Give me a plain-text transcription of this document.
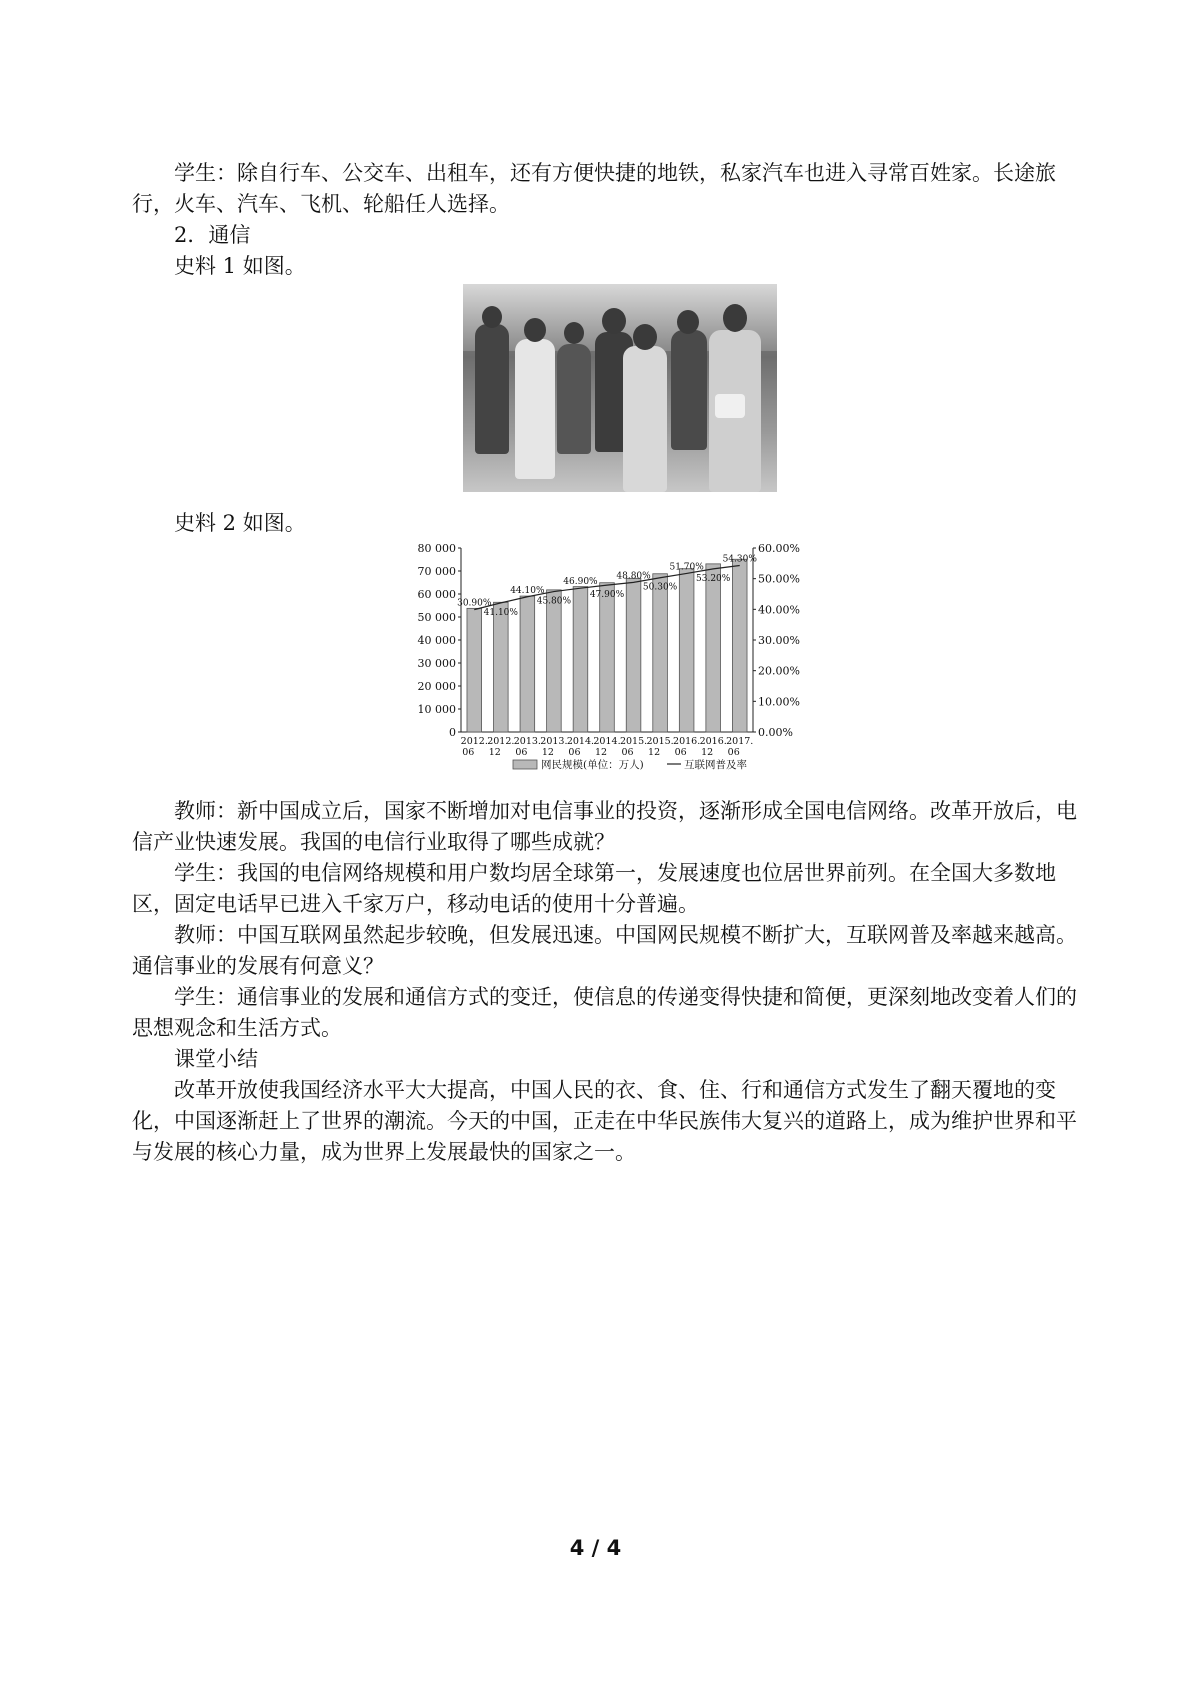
学生：除自行车、公交车、出租车，还有方便快捷的地铁，私家汽车也进入寻常百姓家。长途旅行，火车、汽车、飞机、轮船任人选择。

2．通信

史料 1 如图。

史料 2 如图。

0
10 000
20 000
30 000
40 000
50 000
60 000
70 000
80 000
0.00%
10.00%
20.00%
30.00%
40.00%
50.00%
60.00%
30.90%
41.10%
44.10%
45.80%
46.90%
47.90%
48.80%
50.30%
51.70%
53.20%
54.30%
2012.
06
2012.
12
2013.
06
2013.
12
2014.
06
2014.
12
2015.
06
2015.
12
2016.
06
2016.
12
2017.
06
网民规模(单位：万人)	互联网普及率

教师：新中国成立后，国家不断增加对电信事业的投资，逐渐形成全国电信网络。改革开放后，电信产业快速发展。我国的电信行业取得了哪些成就？

学生：我国的电信网络规模和用户数均居全球第一，发展速度也位居世界前列。在全国大多数地区，固定电话早已进入千家万户，移动电话的使用十分普遍。

教师：中国互联网虽然起步较晚，但发展迅速。中国网民规模不断扩大，互联网普及率越来越高。通信事业的发展有何意义？

学生：通信事业的发展和通信方式的变迁，使信息的传递变得快捷和简便，更深刻地改变着人们的思想观念和生活方式。

课堂小结

改革开放使我国经济水平大大提高，中国人民的衣、食、住、行和通信方式发生了翻天覆地的变化，中国逐渐赶上了世界的潮流。今天的中国，正走在中华民族伟大复兴的道路上，成为维护世界和平与发展的核心力量，成为世界上发展最快的国家之一。

4 / 4
